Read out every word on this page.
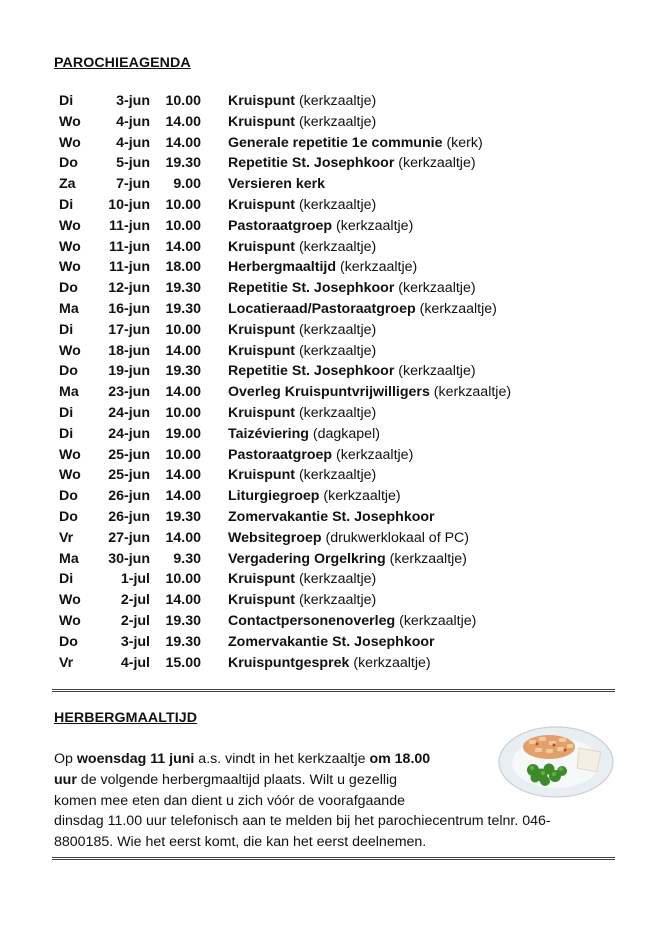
PAROCHIEAGENDA
Di	3-jun	10.00 Kruispunt (kerkzaaltje)
Wo	4-jun	14.00 Kruispunt (kerkzaaltje)
Wo	4-jun	14.00 Generale repetitie 1e communie (kerk)
Do	5-jun	19.30 Repetitie St. Josephkoor (kerkzaaltje)
Za	7-jun	9.00 Versieren kerk
Di	10-jun	10.00 Kruispunt (kerkzaaltje)
Wo	11-jun	10.00 Pastoraatgroep (kerkzaaltje)
Wo	11-jun	14.00 Kruispunt (kerkzaaltje)
Wo	11-jun	18.00 Herbergmaaltijd (kerkzaaltje)
Do	12-jun	19.30 Repetitie St. Josephkoor (kerkzaaltje)
Ma	16-jun	19.30 Locatieraad/Pastoraatgroep (kerkzaaltje)
Di	17-jun	10.00 Kruispunt (kerkzaaltje)
Wo	18-jun	14.00 Kruispunt (kerkzaaltje)
Do	19-jun	19.30 Repetitie St. Josephkoor (kerkzaaltje)
Ma	23-jun	14.00 Overleg Kruispuntvrijwilligers (kerkzaaltje)
Di	24-jun	10.00 Kruispunt (kerkzaaltje)
Di	24-jun	19.00 Taizéviering (dagkapel)
Wo	25-jun	10.00 Pastoraatgroep (kerkzaaltje)
Wo	25-jun	14.00 Kruispunt (kerkzaaltje)
Do	26-jun	14.00 Liturgiegroep (kerkzaaltje)
Do	26-jun	19.30 Zomervakantie St. Josephkoor
Vr	27-jun	14.00 Websitegroep (drukwerklokaal of PC)
Ma	30-jun	9.30 Vergadering Orgelkring (kerkzaaltje)
Di	1-jul	10.00 Kruispunt (kerkzaaltje)
Wo	2-jul	14.00 Kruispunt (kerkzaaltje)
Wo	2-jul	19.30 Contactpersonenoverleg (kerkzaaltje)
Do	3-jul	19.30 Zomervakantie St. Josephkoor
Vr	4-jul	15.00 Kruispuntgesprek (kerkzaaltje)
HERBERGMAALTIJD
Op woensdag 11 juni a.s. vindt in het kerkzaaltje om 18.00
uur de volgende herbergmaaltijd plaats. Wilt u gezellig
komen mee eten dan dient u zich vóór de voorafgaande
dinsdag 11.00 uur telefonisch aan te melden bij het parochiecentrum telnr. 046-
8800185. Wie het eerst komt, die kan het eerst deelnemen.
